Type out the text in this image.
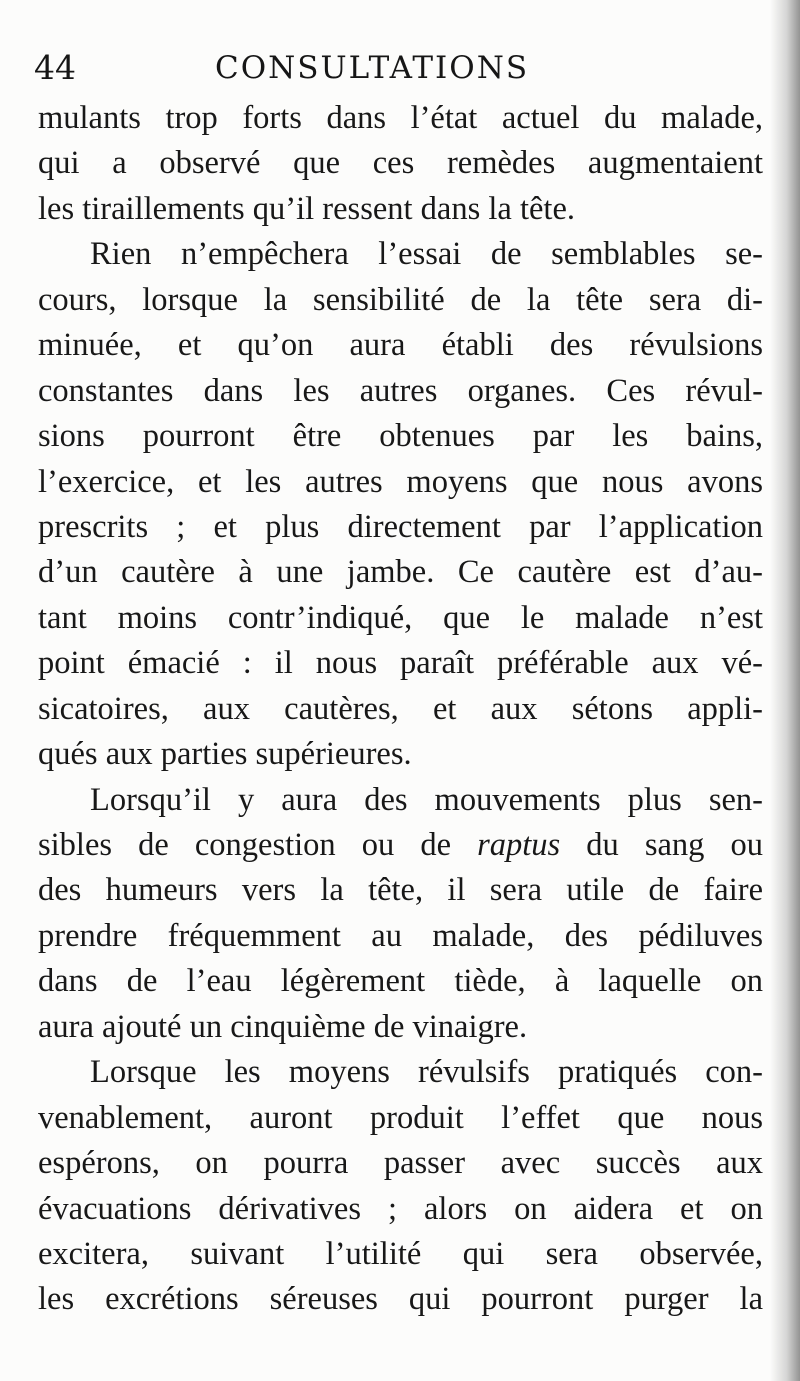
44	CONSULTATIONS
mulants trop forts dans l’état actuel du malade,
qui a observé que ces remèdes augmentaient
les tiraillements qu’il ressent dans la tête.
Rien n’empêchera l’essai de semblables se-
cours, lorsque la sensibilité de la tête sera di-
minuée, et qu’on aura établi des révulsions
constantes dans les autres organes. Ces révul-
sions pourront être obtenues par les bains,
l’exercice, et les autres moyens que nous avons
prescrits ; et plus directement par l’application
d’un cautère à une jambe. Ce cautère est d’au-
tant moins contr’indiqué, que le malade n’est
point émacié : il nous paraît préférable aux vé-
sicatoires, aux cautères, et aux sétons appli-
qués aux parties supérieures.
Lorsqu’il y aura des mouvements plus sen-
sibles de congestion ou de raptus du sang ou
des humeurs vers la tête, il sera utile de faire
prendre fréquemment au malade, des pédiluves
dans de l’eau légèrement tiède, à laquelle on
aura ajouté un cinquième de vinaigre.
Lorsque les moyens révulsifs pratiqués con-
venablement, auront produit l’effet que nous
espérons, on pourra passer avec succès aux
évacuations dérivatives ; alors on aidera et on
excitera, suivant l’utilité qui sera observée,
les excrétions séreuses qui pourront purger la
